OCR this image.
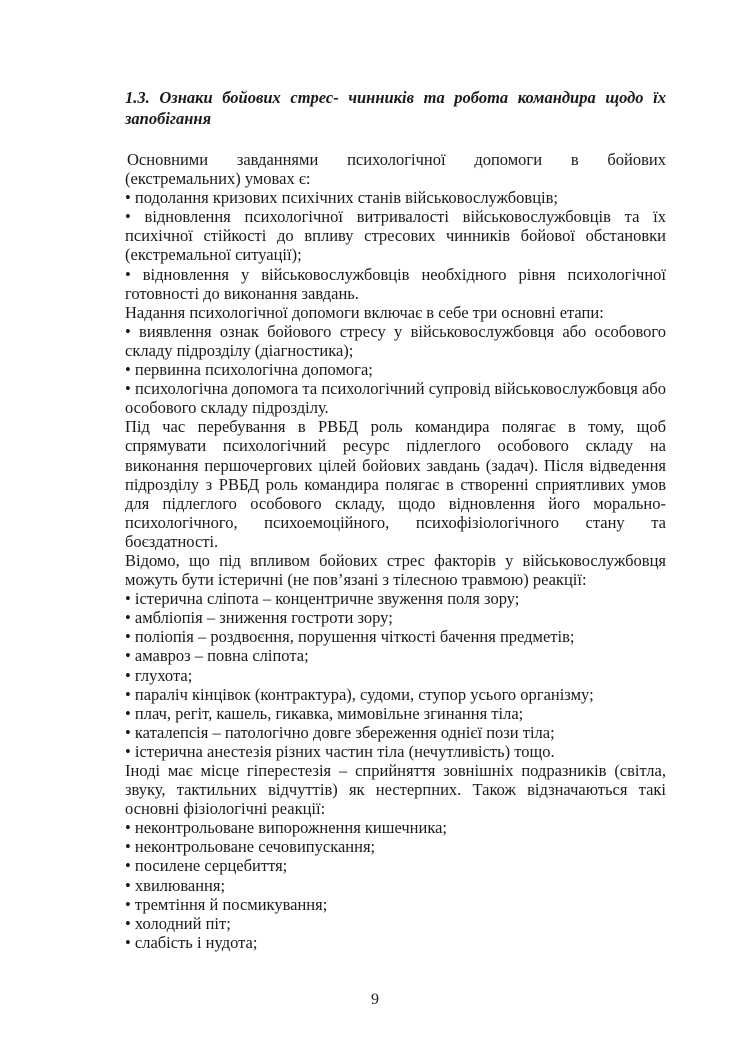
1.3. Ознаки бойових стрес- чинників та робота командира щодо їх запобігання

Основними завданнями психологічної допомоги в бойових

(екстремальних) умовах є:

• подолання кризових психічних станів військовослужбовців;

• відновлення психологічної витривалості військовослужбовців та їх психічної стійкості до впливу стресових чинників бойової обстановки (екстремальної ситуації);

• відновлення у військовослужбовців необхідного рівня психологічної готовності до виконання завдань.

Надання психологічної допомоги включає в себе три основні етапи:

• виявлення ознак бойового стресу у військовослужбовця або особового складу підрозділу (діагностика);

• первинна психологічна допомога;

• психологічна допомога та психологічний супровід військовослужбовця або особового складу підрозділу.

Під час перебування в РВБД роль командира полягає в тому, щоб спрямувати психологічний ресурс підлеглого особового складу на виконання першочергових цілей бойових завдань (задач). Після відведення підрозділу з РВБД роль командира полягає в створенні сприятливих умов для підлеглого особового складу, щодо відновлення його морально-психологічного, психоемоційного, психофізіологічного стану та боєздатності.

Відомо, що під впливом бойових стрес факторів у військовослужбовця можуть бути істеричні (не пов’язані з тілесною травмою) реакції:

• істерична сліпота – концентричне звуження поля зору;

• амбліопія – зниження гостроти зору;

• поліопія – роздвоєння, порушення чіткості бачення предметів;

• амавроз – повна сліпота;

• глухота;

• параліч кінцівок (контрактура), судоми, ступор усього організму;

• плач, регіт, кашель, гикавка, мимовільне згинання тіла;

• каталепсія – патологічно довге збереження однієї пози тіла;

• істерична анестезія різних частин тіла (нечутливість) тощо.

Іноді має місце гіперестезія – сприйняття зовнішніх подразників (світла, звуку, тактильних відчуттів) як нестерпних. Також відзначаються такі основні фізіологічні реакції:

• неконтрольоване випорожнення кишечника;

• неконтрольоване сечовипускання;

• посилене серцебиття;

• хвилювання;

• тремтіння й посмикування;

• холодний піт;

• слабість і нудота;

9
